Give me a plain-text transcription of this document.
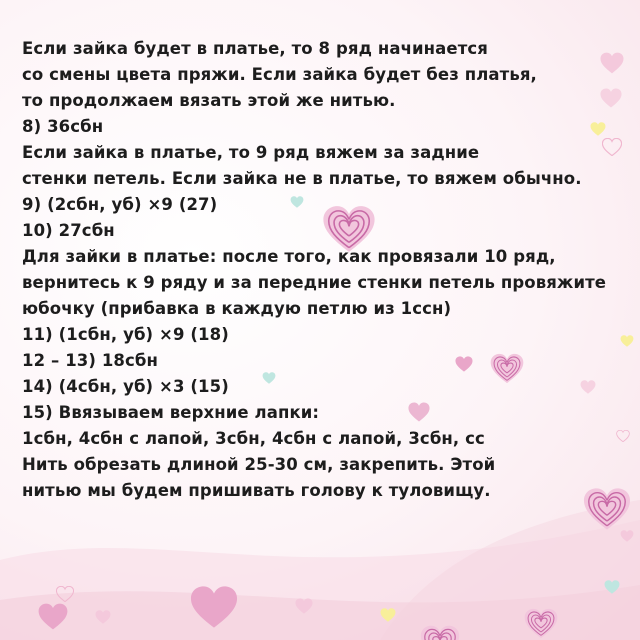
Если зайка будет в платье, то 8 ряд начинается
со смены цвета пряжи. Если зайка будет без платья,
то продолжаем вязать этой же нитью.
8) 36сбн
Если зайка в платье, то 9 ряд вяжем за задние
стенки петель. Если зайка не в платье, то вяжем обычно.
9) (2сбн, уб) ×9 (27)
10) 27сбн
Для зайки в платье: после того, как провязали 10 ряд,
вернитесь к 9 ряду и за передние стенки петель провяжите
юбочку (прибавка в каждую петлю из 1ссн)
11) (1сбн, уб) ×9 (18)
12 – 13) 18сбн
14) (4сбн, уб) ×3 (15)
15) Ввязываем верхние лапки:
1сбн, 4сбн с лапой, 3сбн, 4сбн с лапой, 3сбн, сс
Нить обрезать длиной 25-30 см, закрепить. Этой
нитью мы будем пришивать голову к туловищу.
